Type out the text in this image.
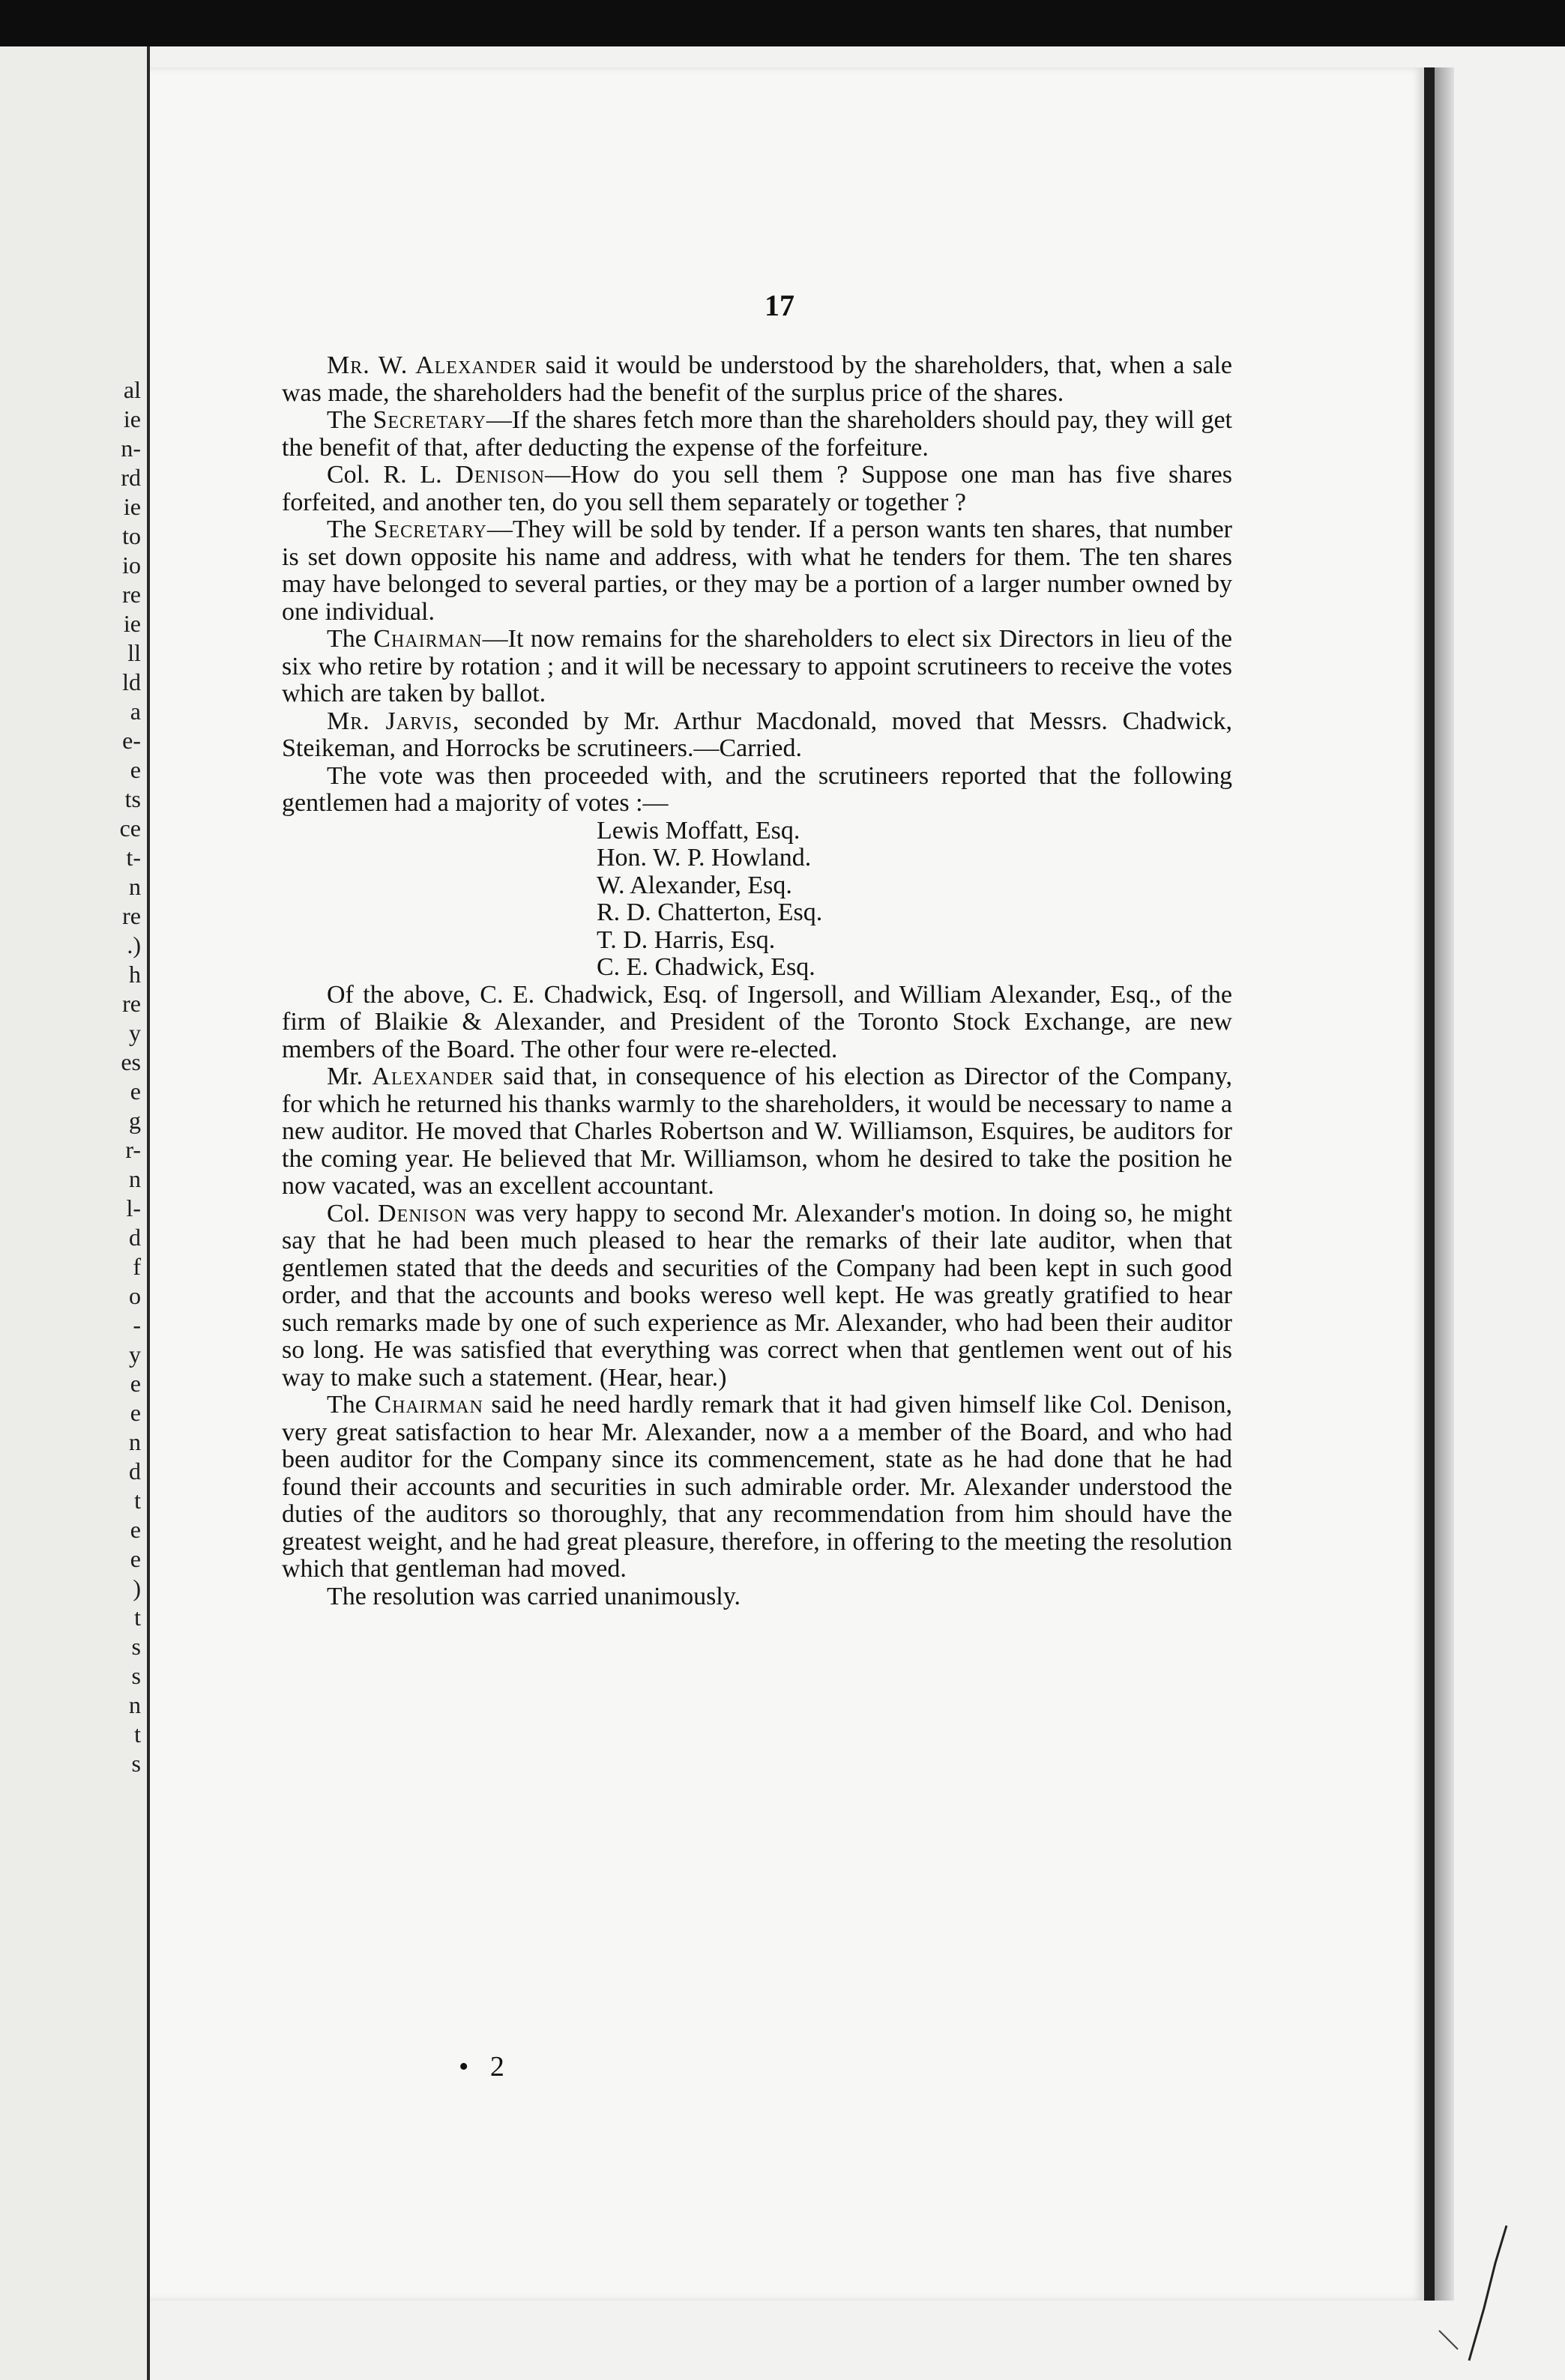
al
ie
n-
rd
ie
to
io
re
ie
ll
ld
a
e-
e
ts
ce
t-
n
re
.)
h
re
y
es
e
g
r-
n
l-
d
f
o
-
y
e
e
n
d
t
e
e
)
t
s
s
n
t
s
17

Mr. W. Alexander said it would be understood by the shareholders, that, when a sale was made, the shareholders had the benefit of the surplus price of the shares.

The Secretary—If the shares fetch more than the shareholders should pay, they will get the benefit of that, after deducting the expense of the forfeiture.

Col. R. L. Denison—How do you sell them ? Suppose one man has five shares forfeited, and another ten, do you sell them separately or together ?

The Secretary—They will be sold by tender. If a person wants ten shares, that number is set down opposite his name and address, with what he tenders for them. The ten shares may have belonged to several parties, or they may be a portion of a larger number owned by one individual.

The Chairman—It now remains for the shareholders to elect six Directors in lieu of the six who retire by rotation ; and it will be necessary to appoint scrutineers to receive the votes which are taken by ballot.

Mr. Jarvis, seconded by Mr. Arthur Macdonald, moved that Messrs. Chadwick, Steikeman, and Horrocks be scrutineers.—Carried.

The vote was then proceeded with, and the scrutineers reported that the following gentlemen had a majority of votes :—

Lewis Moffatt, Esq.
Hon. W. P. Howland.
W. Alexander, Esq.
R. D. Chatterton, Esq.
T. D. Harris, Esq.
C. E. Chadwick, Esq.

Of the above, C. E. Chadwick, Esq. of Ingersoll, and William Alexander, Esq., of the firm of Blaikie & Alexander, and President of the Toronto Stock Exchange, are new members of the Board. The other four were re-elected.

Mr. Alexander said that, in consequence of his election as Director of the Company, for which he returned his thanks warmly to the shareholders, it would be necessary to name a new auditor. He moved that Charles Robertson and W. Williamson, Esquires, be auditors for the coming year. He believed that Mr. Williamson, whom he desired to take the position he now vacated, was an excellent accountant.

Col. Denison was very happy to second Mr. Alexander's motion. In doing so, he might say that he had been much pleased to hear the remarks of their late auditor, when that gentlemen stated that the deeds and securities of the Company had been kept in such good order, and that the accounts and books wereso well kept. He was greatly gratified to hear such remarks made by one of such experience as Mr. Alexander, who had been their auditor so long. He was satisfied that everything was correct when that gentlemen went out of his way to make such a statement. (Hear, hear.)

The Chairman said he need hardly remark that it had given himself like Col. Denison, very great satisfaction to hear Mr. Alexander, now a a member of the Board, and who had been auditor for the Company since its commencement, state as he had done that he had found their accounts and securities in such admirable order. Mr. Alexander understood the duties of the auditors so thoroughly, that any recommendation from him should have the greatest weight, and he had great pleasure, therefore, in offering to the meeting the resolution which that gentleman had moved.

The resolution was carried unanimously.

•   2
